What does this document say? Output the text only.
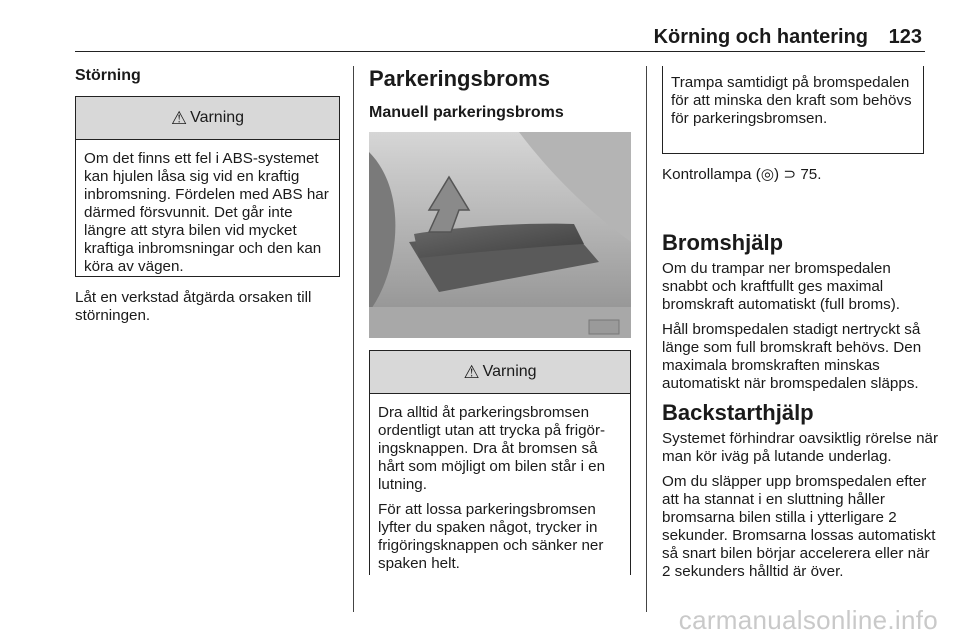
Körning och hantering 123
Störning
⚠ Varning

Om det finns ett fel i ABS-systemet kan hjulen låsa sig vid en kraftig inbromsning. Fördelen med ABS har därmed försvunnit. Det går inte längre att styra bilen vid mycket kraftiga inbromsningar och den kan köra av vägen.

Låt en verkstad åtgärda orsaken till störningen.

Parkeringsbroms
Manuell parkeringsbroms
⚠ Varning

Dra alltid åt parkeringsbromsen ordentligt utan att trycka på frigöringsknappen. Dra åt bromsen så hårt som möjligt om bilen står i en lutning.

För att lossa parkeringsbromsen lyfter du spaken något, trycker in frigöringsknappen och sänker ner spaken helt.

Trampa samtidigt på bromspedalen för att minska den kraft som behövs för parkeringsbromsen.

Kontrollampa (◎) ⊃ 75.
Bromshjälp

Om du trampar ner bromspedalen snabbt och kraftfullt ges maximal bromskraft automatiskt (full broms).

Håll bromspedalen stadigt nertryckt så länge som full bromskraft behövs. Den maximala bromskraften minskas automatiskt när bromspedalen släpps.

Backstarthjälp

Systemet förhindrar oavsiktlig rörelse när man kör iväg på lutande underlag.

Om du släpper upp bromspedalen efter att ha stannat i en sluttning håller bromsarna bilen stilla i ytterligare 2 sekunder. Bromsarna lossas automatiskt så snart bilen börjar accelerera eller när 2 sekunders hålltid är över.

carmanualsonline.info
